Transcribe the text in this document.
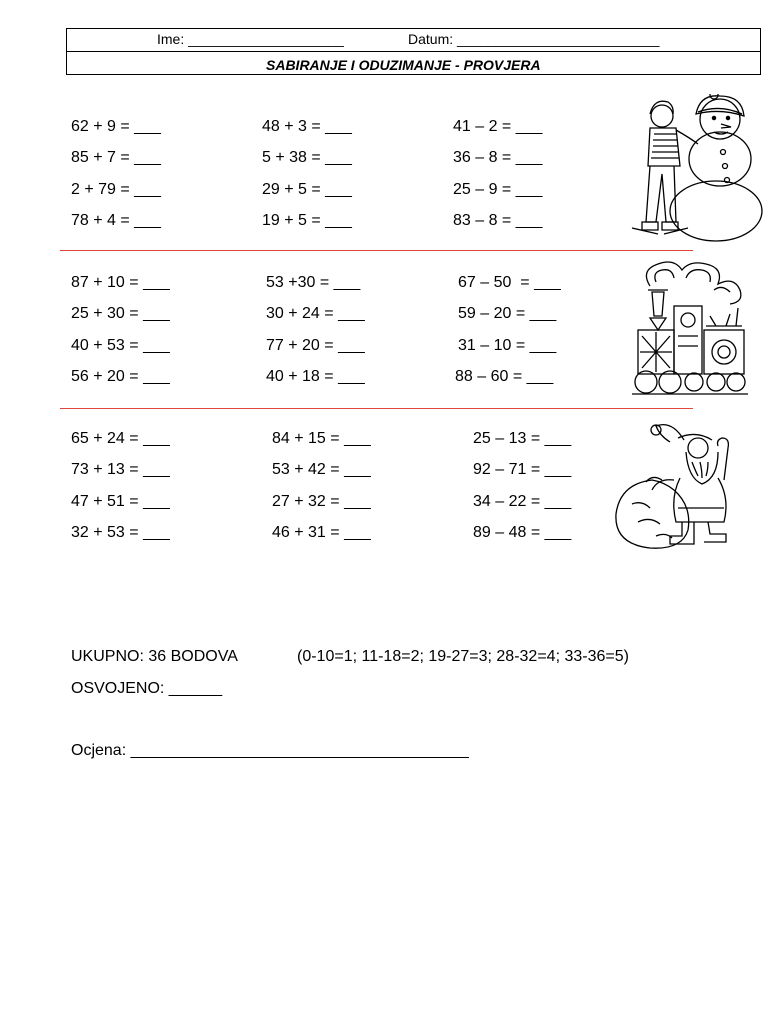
Ime: ____________________	Datum: __________________________
SABIRANJE I ODUZIMANJE - PROVJERA
62 + 9 = ___
85 + 7 = ___
2 + 79 = ___
78 + 4 = ___
48 + 3 = ___
5 + 38 = ___
29 + 5 = ___
19 + 5 = ___
41 – 2 = ___
36 – 8 = ___
25 – 9 = ___
83 – 8 = ___
87 + 10 = ___
25 + 30 = ___
40 + 53 = ___
56 + 20 = ___
53 +30 = ___
30 + 24 = ___
77 + 20 = ___
40 + 18 = ___
67 – 50  = ___
59 – 20 = ___
31 – 10 = ___
88 – 60 = ___
65 + 24 = ___
73 + 13 = ___
47 + 51 = ___
32 + 53 = ___
84 + 15 = ___
53 + 42 = ___
27 + 32 = ___
46 + 31 = ___
25 – 13 = ___
92 – 71 = ___
34 – 22 = ___
89 – 48 = ___
UKUPNO: 36 BODOVA	(0-10=1; 11-18=2; 19-27=3; 28-32=4; 33-36=5)
OSVOJENO: ______
Ocjena: ______________________________________
